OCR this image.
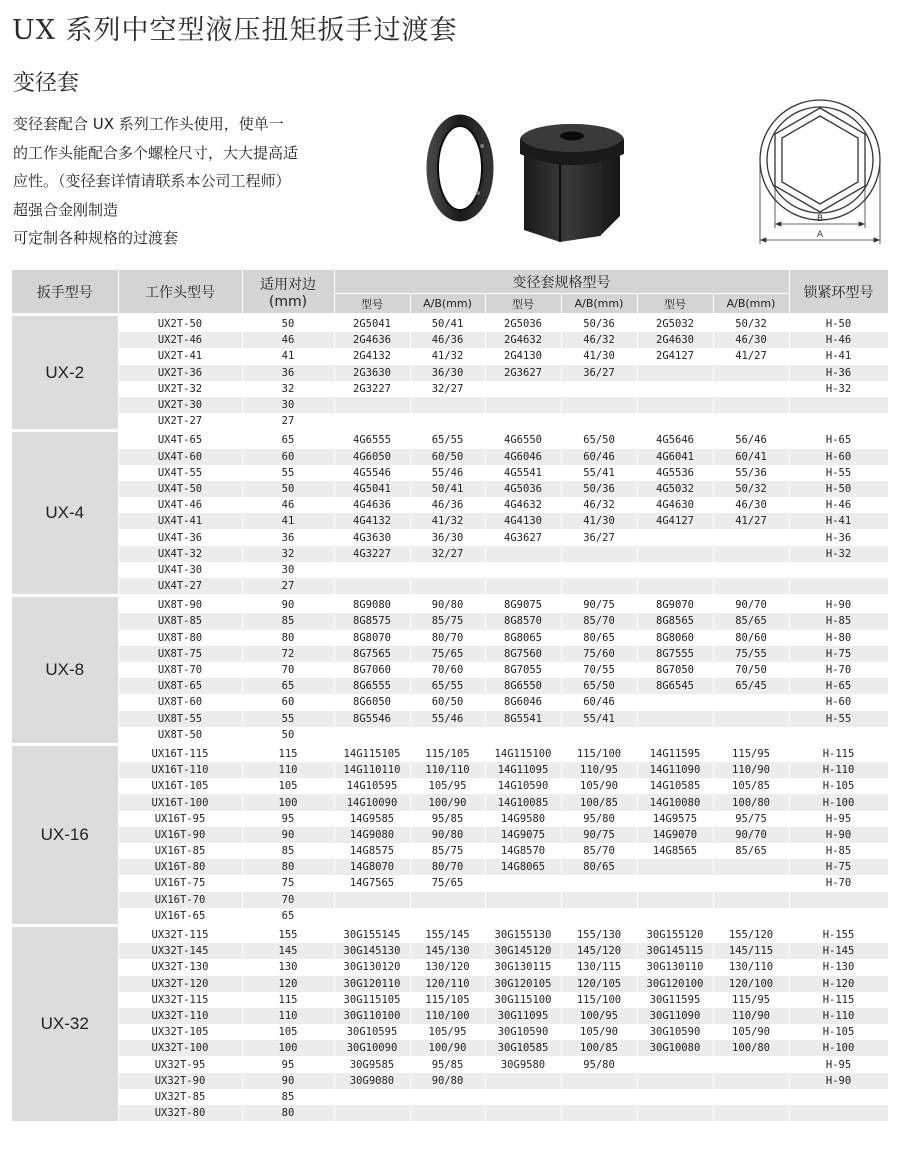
UX 系列中空型液压扭矩扳手过渡套
变径套
变径套配合 UX 系列工作头使用，使单一
的工作头能配合多个螺栓尺寸，大大提高适
应性。（变径套详情请联系本公司工程师）
超强合金刚制造
可定制各种规格的过渡套
B
A
扳手型号	工作头型号	适用对边(mm)	变径套规格型号						锁紧环型号
			型号	A/B(mm)	型号	A/B(mm)	型号	A/B(mm)	
UX-2	UX2T-50	50	2G5041	50/41	2G5036	50/36	2G5032	50/32	H-50
	UX2T-46	46	2G4636	46/36	2G4632	46/32	2G4630	46/30	H-46
	UX2T-41	41	2G4132	41/32	2G4130	41/30	2G4127	41/27	H-41
	UX2T-36	36	2G3630	36/30	2G3627	36/27			H-36
	UX2T-32	32	2G3227	32/27					H-32
	UX2T-30	30							
	UX2T-27	27							
UX-4	UX4T-65	65	4G6555	65/55	4G6550	65/50	4G5646	56/46	H-65
	UX4T-60	60	4G6050	60/50	4G6046	60/46	4G6041	60/41	H-60
	UX4T-55	55	4G5546	55/46	4G5541	55/41	4G5536	55/36	H-55
	UX4T-50	50	4G5041	50/41	4G5036	50/36	4G5032	50/32	H-50
	UX4T-46	46	4G4636	46/36	4G4632	46/32	4G4630	46/30	H-46
	UX4T-41	41	4G4132	41/32	4G4130	41/30	4G4127	41/27	H-41
	UX4T-36	36	4G3630	36/30	4G3627	36/27			H-36
	UX4T-32	32	4G3227	32/27					H-32
	UX4T-30	30							
	UX4T-27	27							
UX-8	UX8T-90	90	8G9080	90/80	8G9075	90/75	8G9070	90/70	H-90
	UX8T-85	85	8G8575	85/75	8G8570	85/70	8G8565	85/65	H-85
	UX8T-80	80	8G8070	80/70	8G8065	80/65	8G8060	80/60	H-80
	UX8T-75	72	8G7565	75/65	8G7560	75/60	8G7555	75/55	H-75
	UX8T-70	70	8G7060	70/60	8G7055	70/55	8G7050	70/50	H-70
	UX8T-65	65	8G6555	65/55	8G6550	65/50	8G6545	65/45	H-65
	UX8T-60	60	8G6050	60/50	8G6046	60/46			H-60
	UX8T-55	55	8G5546	55/46	8G5541	55/41			H-55
	UX8T-50	50							
UX-16	UX16T-115	115	14G115105	115/105	14G115100	115/100	14G11595	115/95	H-115
	UX16T-110	110	14G110110	110/110	14G11095	110/95	14G11090	110/90	H-110
	UX16T-105	105	14G10595	105/95	14G10590	105/90	14G10585	105/85	H-105
	UX16T-100	100	14G10090	100/90	14G10085	100/85	14G10080	100/80	H-100
	UX16T-95	95	14G9585	95/85	14G9580	95/80	14G9575	95/75	H-95
	UX16T-90	90	14G9080	90/80	14G9075	90/75	14G9070	90/70	H-90
	UX16T-85	85	14G8575	85/75	14G8570	85/70	14G8565	85/65	H-85
	UX16T-80	80	14G8070	80/70	14G8065	80/65			H-75
	UX16T-75	75	14G7565	75/65					H-70
	UX16T-70	70							
	UX16T-65	65							
UX-32	UX32T-115	155	30G155145	155/145	30G155130	155/130	30G155120	155/120	H-155
	UX32T-145	145	30G145130	145/130	30G145120	145/120	30G145115	145/115	H-145
	UX32T-130	130	30G130120	130/120	30G130115	130/115	30G130110	130/110	H-130
	UX32T-120	120	30G120110	120/110	30G120105	120/105	30G120100	120/100	H-120
	UX32T-115	115	30G115105	115/105	30G115100	115/100	30G11595	115/95	H-115
	UX32T-110	110	30G110100	110/100	30G11095	100/95	30G11090	110/90	H-110
	UX32T-105	105	30G10595	105/95	30G10590	105/90	30G10590	105/90	H-105
	UX32T-100	100	30G10090	100/90	30G10585	100/85	30G10080	100/80	H-100
	UX32T-95	95	30G9585	95/85	30G9580	95/80			H-95
	UX32T-90	90	30G9080	90/80					H-90
	UX32T-85	85							
	UX32T-80	80							
